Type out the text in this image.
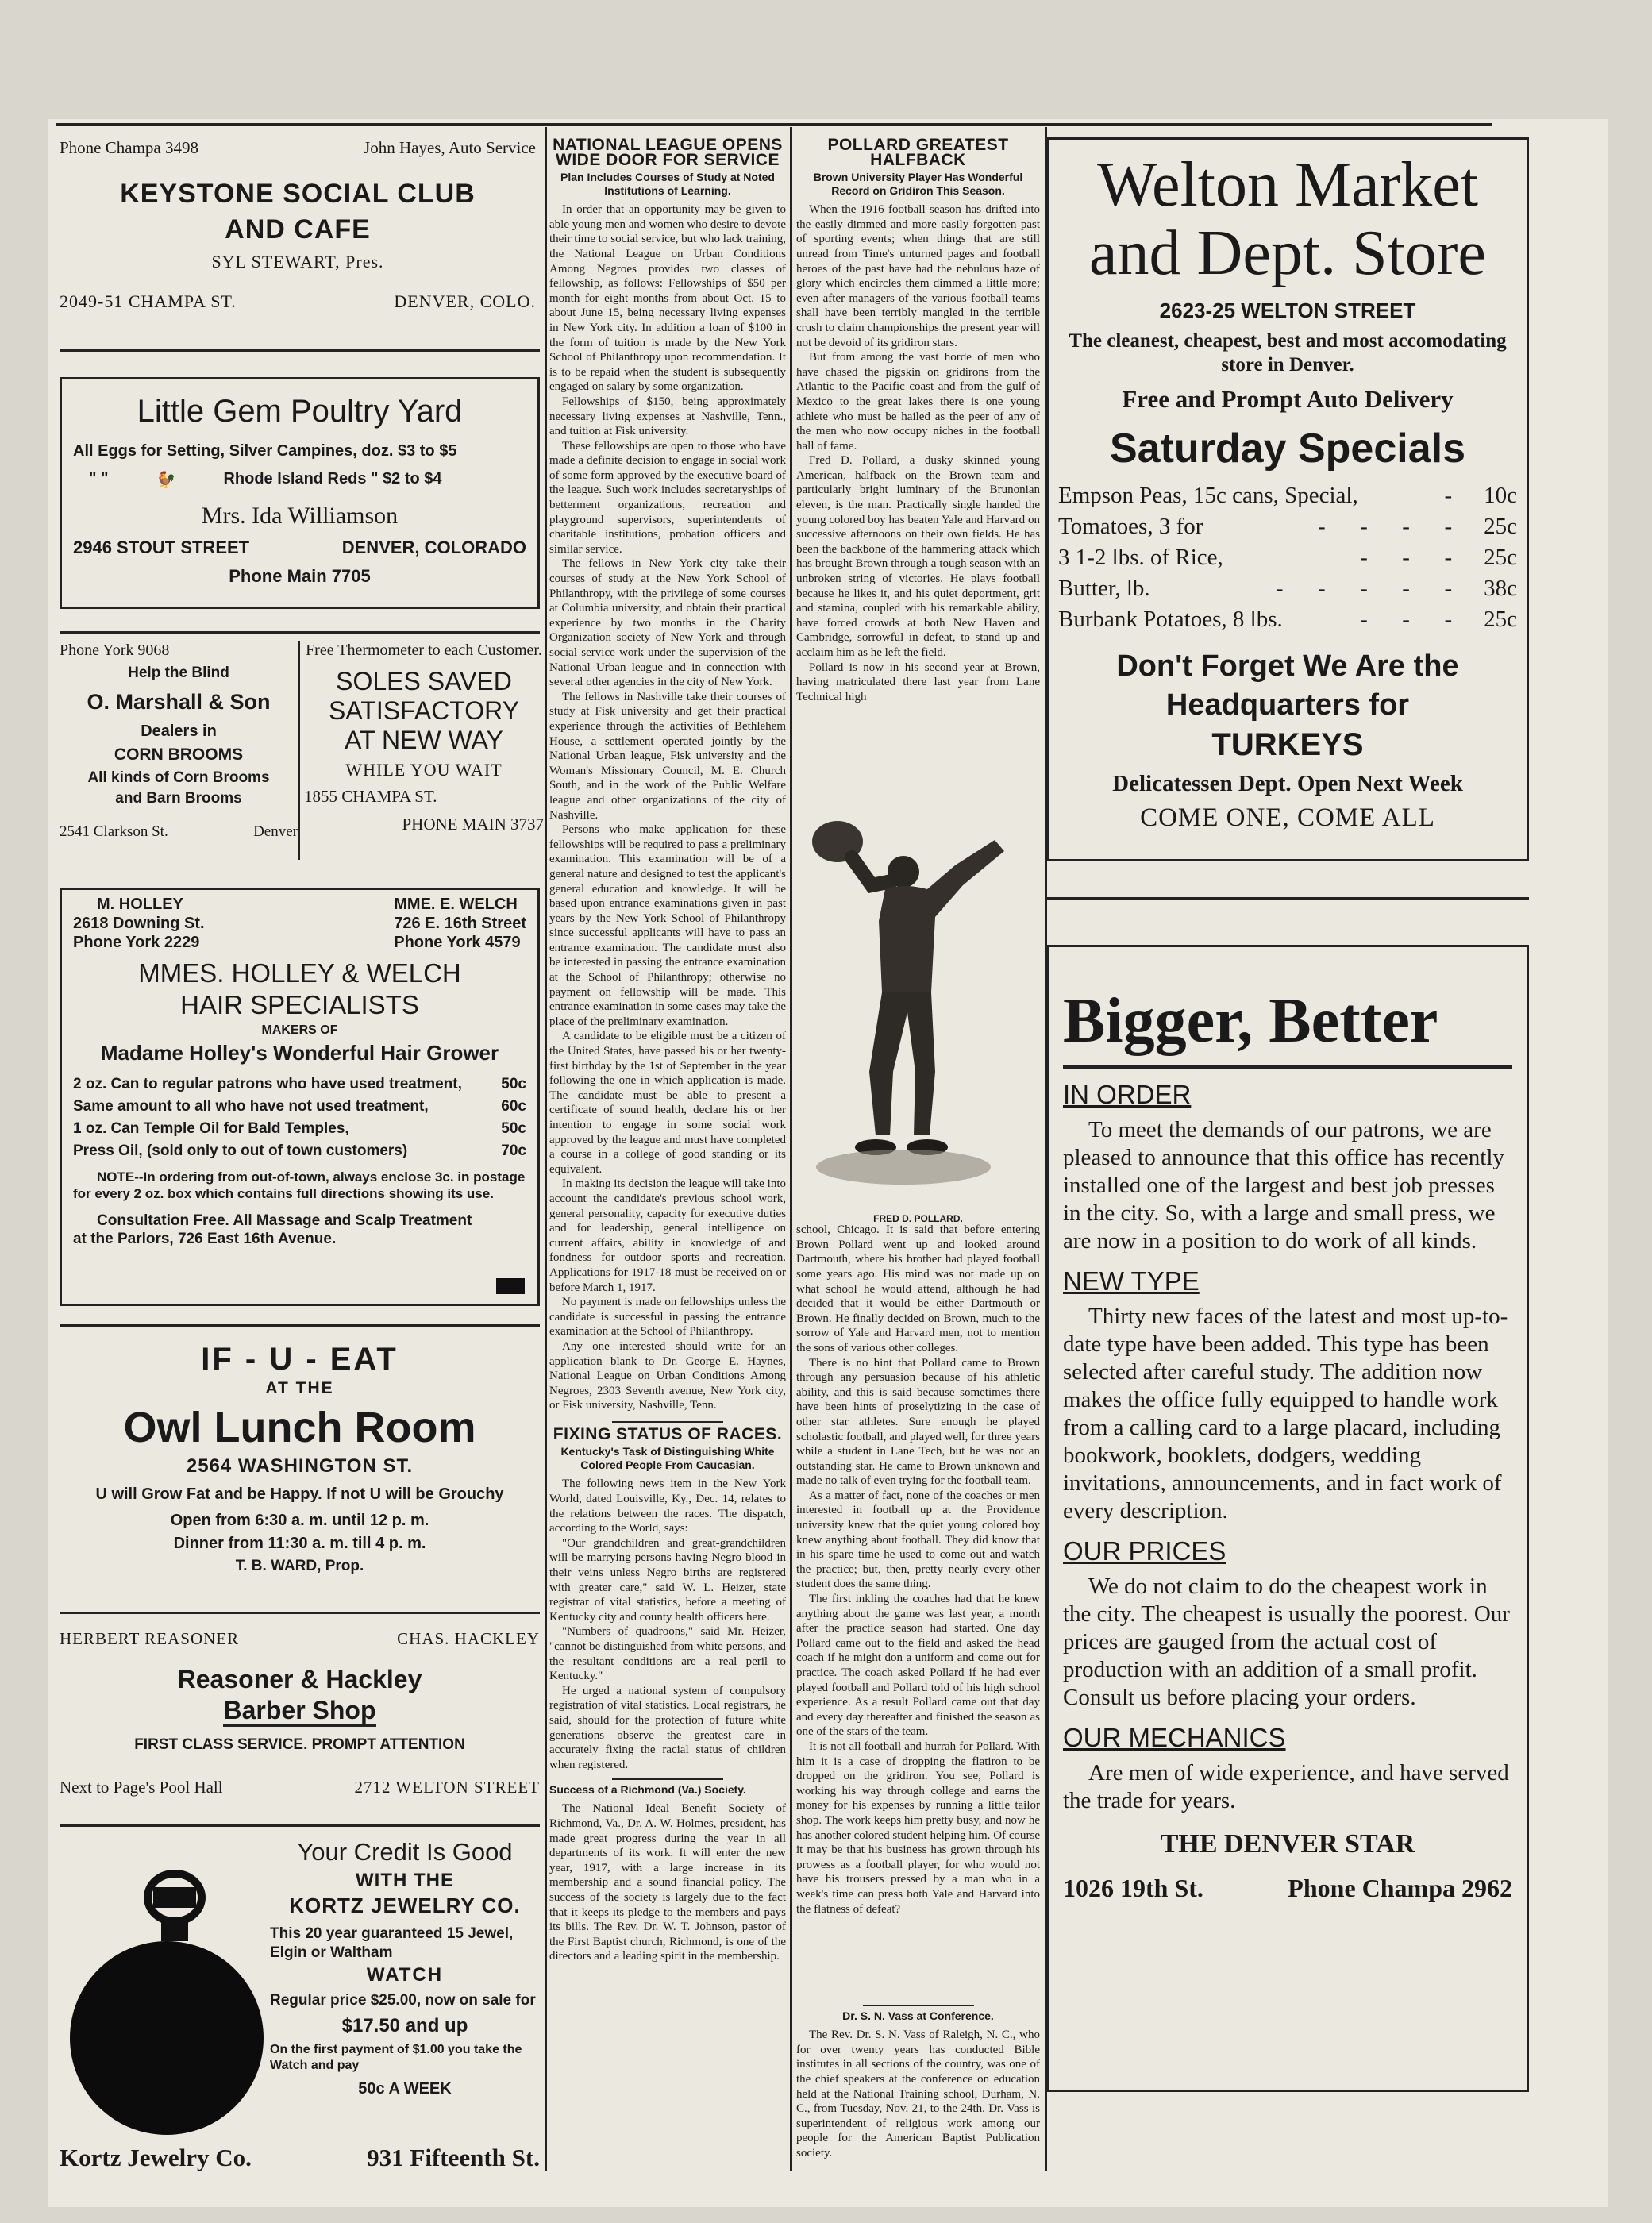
Phone Champa 3498	John Hayes, Auto Service
KEYSTONE SOCIAL CLUB
AND CAFE
SYL STEWART, Pres.
2049-51 CHAMPA ST.	DENVER, COLO.
Little Gem Poultry Yard
All Eggs for Setting, Silver Campines, doz. $3 to $5
" "	🐓	Rhode Island Reds " $2 to $4
Mrs. Ida Williamson
2946 STOUT STREET	DENVER, COLORADO
Phone Main 7705
Phone York 9068
Help the Blind
O. Marshall & Son
Dealers in
CORN BROOMS
All kinds of Corn Brooms
and Barn Brooms
2541 Clarkson St.	Denver
Free Thermometer to each Customer.
SOLES SAVED
SATISFACTORY
AT NEW WAY
WHILE YOU WAIT
1855 CHAMPA ST.
PHONE MAIN 3737
M. HOLLEY
2618 Downing St.
Phone York 2229
MME. E. WELCH
726 E. 16th Street
Phone York 4579
MMES. HOLLEY & WELCH
HAIR SPECIALISTS
MAKERS OF
Madame Holley's Wonderful Hair Grower
2 oz. Can to regular patrons who have used treatment,	50c
Same amount to all who have not used treatment,	60c
1 oz. Can Temple Oil for Bald Temples,	50c
Press Oil, (sold only to out of town customers)	70c
NOTE--In ordering from out-of-town, always enclose 3c. in postage for every 2 oz. box which contains full directions showing its use.
Consultation Free. All Massage and Scalp Treatment at the Parlors, 726 East 16th Avenue.
IF - U - EAT
AT THE
Owl Lunch Room
2564 WASHINGTON ST.
U will Grow Fat and be Happy. If not U will be Grouchy
Open from 6:30 a. m. until 12 p. m.
Dinner from 11:30 a. m. till 4 p. m.
T. B. WARD, Prop.
HERBERT REASONER	CHAS. HACKLEY
Reasoner & Hackley
Barber Shop
FIRST CLASS SERVICE. PROMPT ATTENTION
Next to Page's Pool Hall	2712 WELTON STREET
Your Credit Is Good
WITH THE
KORTZ JEWELRY CO.
This 20 year guaranteed 15 Jewel, Elgin or Waltham
WATCH
Regular price $25.00, now on sale for
$17.50 and up
On the first payment of $1.00 you take the Watch and pay
50c A WEEK
Kortz Jewelry Co.	931 Fifteenth St.
NATIONAL LEAGUE OPENS WIDE DOOR FOR SERVICE
Plan Includes Courses of Study at Noted Institutions of Learning.

In order that an opportunity may be given to able young men and women who desire to devote their time to social service, but who lack training, the National League on Urban Conditions Among Negroes provides two classes of fellowship, as follows: Fellowships of $50 per month for eight months from about Oct. 15 to about June 15, being necessary living expenses in New York city. In addition a loan of $100 in the form of tuition is made by the New York School of Philanthropy upon recommendation. It is to be repaid when the student is subsequently engaged on salary by some organization.

Fellowships of $150, being approximately necessary living expenses at Nashville, Tenn., and tuition at Fisk university.

These fellowships are open to those who have made a definite decision to engage in social work of some form approved by the executive board of the league. Such work includes secretaryships of betterment organizations, recreation and playground supervisors, superintendents of charitable institutions, probation officers and similar service.

The fellows in New York city take their courses of study at the New York School of Philanthropy, with the privilege of some courses at Columbia university, and obtain their practical experience by two months in the Charity Organization society of New York and through social service work under the supervision of the National Urban league and in connection with several other agencies in the city of New York.

The fellows in Nashville take their courses of study at Fisk university and get their practical experience through the activities of Bethlehem House, a settlement operated jointly by the National Urban league, Fisk university and the Woman's Missionary Council, M. E. Church South, and in the work of the Public Welfare league and other organizations of the city of Nashville.

Persons who make application for these fellowships will be required to pass a preliminary examination. This examination will be of a general nature and designed to test the applicant's general education and knowledge. It will be based upon entrance examinations given in past years by the New York School of Philanthropy since successful applicants will have to pass an entrance examination. The candidate must also be interested in passing the entrance examination at the School of Philanthropy; otherwise no payment on fellowship will be made. This entrance examination in some cases may take the place of the preliminary examination.

A candidate to be eligible must be a citizen of the United States, have passed his or her twenty-first birthday by the 1st of September in the year following the one in which application is made. The candidate must be able to present a certificate of sound health, declare his or her intention to engage in some social work approved by the league and must have completed a course in a college of good standing or its equivalent.

In making its decision the league will take into account the candidate's previous school work, general personality, capacity for executive duties and for leadership, general intelligence on current affairs, ability in knowledge of and fondness for outdoor sports and recreation. Applications for 1917-18 must be received on or before March 1, 1917.

No payment is made on fellowships unless the candidate is successful in passing the entrance examination at the School of Philanthropy.

Any one interested should write for an application blank to Dr. George E. Haynes, National League on Urban Conditions Among Negroes, 2303 Seventh avenue, New York city, or Fisk university, Nashville, Tenn.

FIXING STATUS OF RACES.
Kentucky's Task of Distinguishing White Colored People From Caucasian.

The following news item in the New York World, dated Louisville, Ky., Dec. 14, relates to the relations between the races. The dispatch, according to the World, says:

"Our grandchildren and great-grandchildren will be marrying persons having Negro blood in their veins unless Negro births are registered with greater care," said W. L. Heizer, state registrar of vital statistics, before a meeting of Kentucky city and county health officers here.

"Numbers of quadroons," said Mr. Heizer, "cannot be distinguished from white persons, and the resultant conditions are a real peril to Kentucky."

He urged a national system of compulsory registration of vital statistics. Local registrars, he said, should for the protection of future white generations observe the greatest care in accurately fixing the racial status of children when registered.

Success of a Richmond (Va.) Society.

The National Ideal Benefit Society of Richmond, Va., Dr. A. W. Holmes, president, has made great progress during the year in all departments of its work. It will enter the new year, 1917, with a large increase in its membership and a sound financial policy. The success of the society is largely due to the fact that it keeps its pledge to the members and pays its bills. The Rev. Dr. W. T. Johnson, pastor of the First Baptist church, Richmond, is one of the directors and a leading spirit in the membership.

POLLARD GREATEST HALFBACK
Brown University Player Has Wonderful Record on Gridiron This Season.

When the 1916 football season has drifted into the easily dimmed and more easily forgotten past of sporting events; when things that are still unread from Time's unturned pages and football heroes of the past have had the nebulous haze of glory which encircles them dimmed a little more; even after managers of the various football teams shall have been terribly mangled in the terrible crush to claim championships the present year will not be devoid of its gridiron stars.

But from among the vast horde of men who have chased the pigskin on gridirons from the Atlantic to the Pacific coast and from the gulf of Mexico to the great lakes there is one young athlete who must be hailed as the peer of any of the men who now occupy niches in the football hall of fame.

Fred D. Pollard, a dusky skinned young American, halfback on the Brown team and particularly bright luminary of the Brunonian eleven, is the man. Practically single handed the young colored boy has beaten Yale and Harvard on successive afternoons on their own fields. He has been the backbone of the hammering attack which has brought Brown through a tough season with an unbroken string of victories. He plays football because he likes it, and his quiet deportment, grit and stamina, coupled with his remarkable ability, have forced crowds at both New Haven and Cambridge, sorrowful in defeat, to stand up and acclaim him as he left the field.

Pollard is now in his second year at Brown, having matriculated there last year from Lane Technical high

FRED D. POLLARD.

school, Chicago. It is said that before entering Brown Pollard went up and looked around Dartmouth, where his brother had played football some years ago. His mind was not made up on what school he would attend, although he had decided that it would be either Dartmouth or Brown. He finally decided on Brown, much to the sorrow of Yale and Harvard men, not to mention the sons of various other colleges.

There is no hint that Pollard came to Brown through any persuasion because of his athletic ability, and this is said because sometimes there have been hints of proselytizing in the case of other star athletes. Sure enough he played scholastic football, and played well, for three years while a student in Lane Tech, but he was not an outstanding star. He came to Brown unknown and made no talk of even trying for the football team.

As a matter of fact, none of the coaches or men interested in football up at the Providence university knew that the quiet young colored boy knew anything about football. They did know that in his spare time he used to come out and watch the practice; but, then, pretty nearly every other student does the same thing.

The first inkling the coaches had that he knew anything about the game was last year, a month after the practice season had started. One day Pollard came out to the field and asked the head coach if he might don a uniform and come out for practice. The coach asked Pollard if he had ever played football and Pollard told of his high school experience. As a result Pollard came out that day and every day thereafter and finished the season as one of the stars of the team.

It is not all football and hurrah for Pollard. With him it is a case of dropping the flatiron to be dropped on the gridiron. You see, Pollard is working his way through college and earns the money for his expenses by running a little tailor shop. The work keeps him pretty busy, and now he has another colored student helping him. Of course it may be that his business has grown through his prowess as a football player, for who would not have his trousers pressed by a man who in a week's time can press both Yale and Harvard into the flatness of defeat?

Dr. S. N. Vass at Conference.

The Rev. Dr. S. N. Vass of Raleigh, N. C., who for over twenty years has conducted Bible institutes in all sections of the country, was one of the chief speakers at the conference on education held at the National Training school, Durham, N. C., from Tuesday, Nov. 21, to the 24th. Dr. Vass is superintendent of religious work among our people for the American Baptist Publication society.

Welton Market
and Dept. Store
2623-25 WELTON STREET
The cleanest, cheapest, best and most accomodating store in Denver.
Free and Prompt Auto Delivery
Saturday Specials
Empson Peas, 15c cans, Special,	-	10c
Tomatoes, 3 for	-      -      -      -	25c
3 1-2 lbs. of Rice,	-      -      -	25c
Butter, lb.	-      -      -      -      -	38c
Burbank Potatoes, 8 lbs.	-      -      -	25c
Don't Forget We Are the
Headquarters for
TURKEYS
Delicatessen Dept. Open Next Week
COME ONE, COME ALL
Bigger, Better
IN ORDER

To meet the demands of our patrons, we are pleased to announce that this office has recently installed one of the largest and best job presses in the city. So, with a large and small press, we are now in a position to do work of all kinds.

NEW TYPE

Thirty new faces of the latest and most up-to-date type have been added. This type has been selected after careful study. The addition now makes the office fully equipped to handle work from a calling card to a large placard, including bookwork, booklets, dodgers, wedding invitations, announcements, and in fact work of every description.

OUR PRICES

We do not claim to do the cheapest work in the city. The cheapest is usually the poorest. Our prices are gauged from the actual cost of production with an addition of a small profit. Consult us before placing your orders.

OUR MECHANICS

Are men of wide experience, and have served the trade for years.

THE DENVER STAR
1026 19th St.	Phone Champa 2962
